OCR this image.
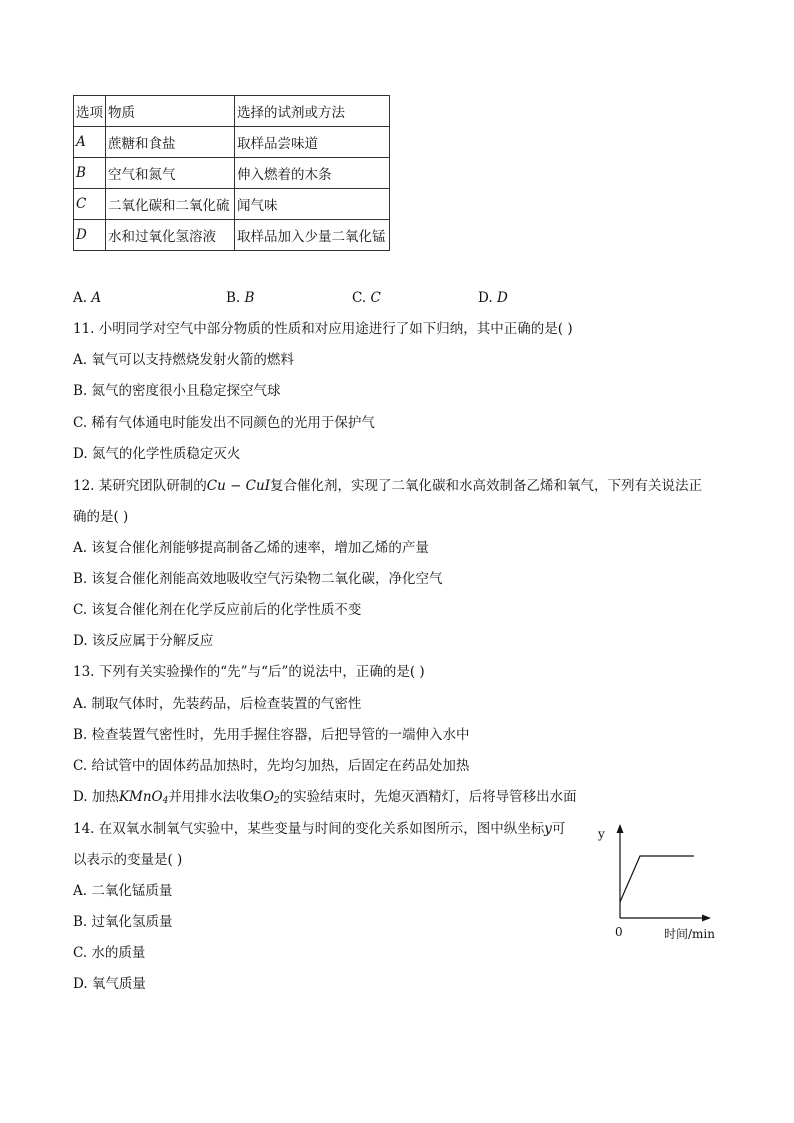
选项	物质	选择的试剂或方法
A	蔗糖和食盐	取样品尝味道
B	空气和氮气	伸入燃着的木条
C	二氧化碳和二氧化硫	闻气味
D	水和过氧化氢溶液	取样品加入少量二氧化锰
A. A	B. B	C. C	D. D
11. 小明同学对空气中部分物质的性质和对应用途进行了如下归纳，其中正确的是( )
A. 氧气可以支持燃烧发射火箭的燃料
B. 氮气的密度很小且稳定探空气球
C. 稀有气体通电时能发出不同颜色的光用于保护气
D. 氮气的化学性质稳定灭火
12. 某研究团队研制的Cu − CuI复合催化剂，实现了二氧化碳和水高效制备乙烯和氧气，下列有关说法正
确的是( )
A. 该复合催化剂能够提高制备乙烯的速率，增加乙烯的产量
B. 该复合催化剂能高效地吸收空气污染物二氧化碳，净化空气
C. 该复合催化剂在化学反应前后的化学性质不变
D. 该反应属于分解反应
13. 下列有关实验操作的“先”与“后”的说法中，正确的是( )
A. 制取气体时，先装药品，后检查装置的气密性
B. 检查装置气密性时，先用手握住容器，后把导管的一端伸入水中
C. 给试管中的固体药品加热时，先均匀加热，后固定在药品处加热
D. 加热KMnO$_4$并用排水法收集$O_2$的实验结束时，先熄灭酒精灯，后将导管移出水面
14. 在双氧水制氧气实验中，某些变量与时间的变化关系如图所示，图中纵坐标y可
以表示的变量是( )
A. 二氧化锰质量
B. 过氧化氢质量
C. 水的质量
D. 氧气质量
y
0	时间/min
